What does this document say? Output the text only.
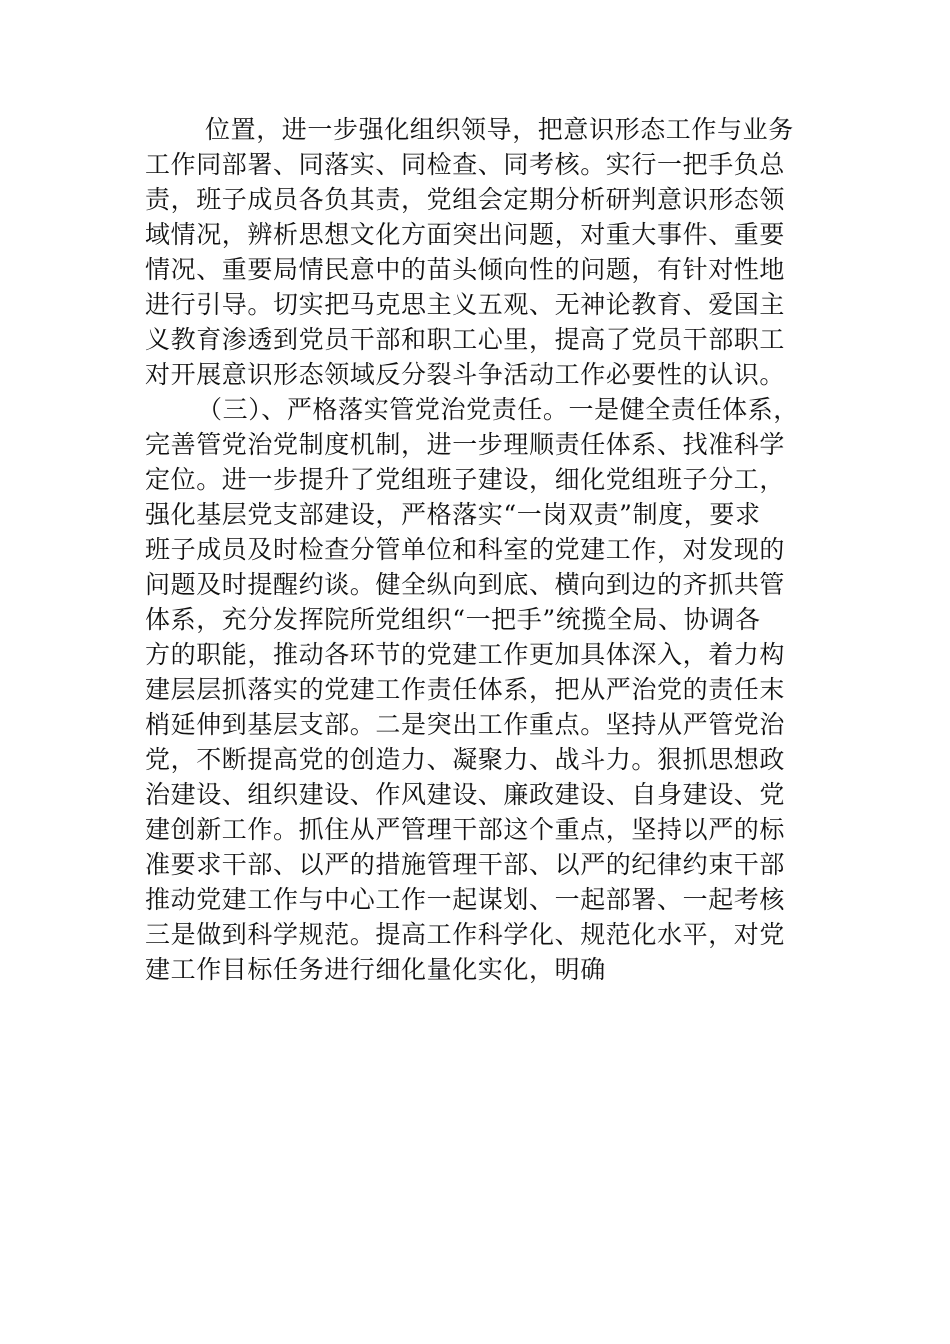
位置，进一步强化组织领导，把意识形态工作与业务
工作同部署、同落实、同检查、同考核。实行一把手负总
责，班子成员各负其责，党组会定期分析研判意识形态领
域情况，辨析思想文化方面突出问题，对重大事件、重要
情况、重要局情民意中的苗头倾向性的问题，有针对性地
进行引导。切实把马克思主义五观、无神论教育、爱国主
义教育渗透到党员干部和职工心里，提高了党员干部职工
对开展意识形态领域反分裂斗争活动工作必要性的认识。
（三）、严格落实管党治党责任。一是健全责任体系，
完善管党治党制度机制，进一步理顺责任体系、找准科学
定位。进一步提升了党组班子建设，细化党组班子分工，
强化基层党支部建设，严格落实“一岗双责”制度，要求
班子成员及时检查分管单位和科室的党建工作，对发现的
问题及时提醒约谈。健全纵向到底、横向到边的齐抓共管
体系，充分发挥院所党组织“一把手”统揽全局、协调各
方的职能，推动各环节的党建工作更加具体深入，着力构
建层层抓落实的党建工作责任体系，把从严治党的责任末
梢延伸到基层支部。二是突出工作重点。坚持从严管党治
党，不断提高党的创造力、凝聚力、战斗力。狠抓思想政
治建设、组织建设、作风建设、廉政建设、自身建设、党
建创新工作。抓住从严管理干部这个重点，坚持以严的标
准要求干部、以严的措施管理干部、以严的纪律约束干部
推动党建工作与中心工作一起谋划、一起部署、一起考核
三是做到科学规范。提高工作科学化、规范化水平，对党
建工作目标任务进行细化量化实化，明确
